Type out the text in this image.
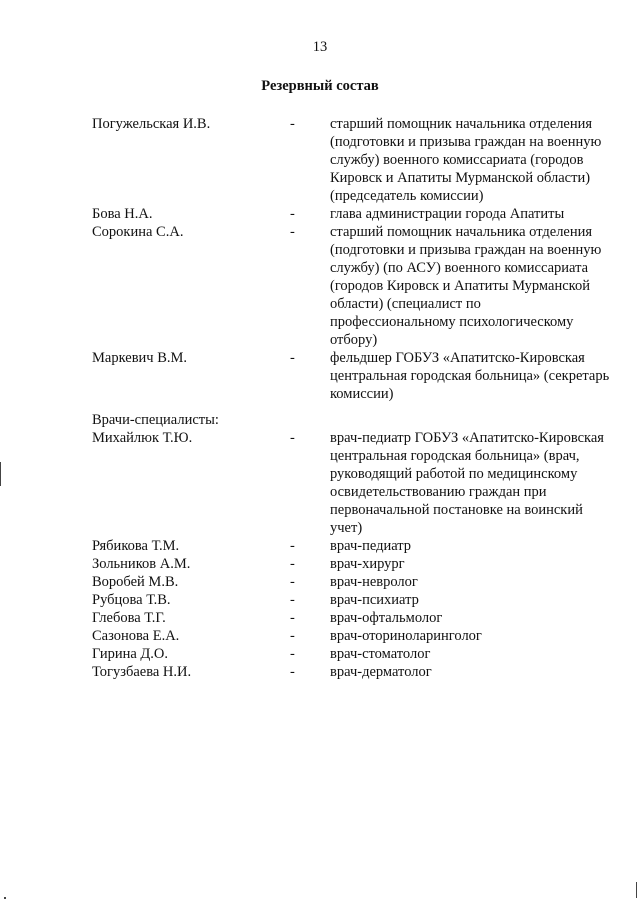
13
Резервный состав
Погужельская И.В.	-	старший помощник начальника отделения (подготовки и призыва граждан на военную службу) военного комиссариата (городов Кировск и Апатиты Мурманской области) (председатель комиссии)
Бова Н.А.	-	глава администрации города Апатиты
Сорокина С.А.	-	старший помощник начальника отделения (подготовки и призыва граждан на военную службу) (по АСУ) военного комиссариата (городов Кировск и Апатиты Мурманской области) (специалист по профессиональному психологическому отбору)
Маркевич В.М.	-	фельдшер ГОБУЗ «Апатитско-Кировская центральная городская больница» (секретарь комиссии)
Врачи-специалисты:
Михайлюк Т.Ю.	-	врач-педиатр ГОБУЗ «Апатитско-Кировская центральная городская больница» (врач, руководящий работой по медицинскому освидетельствованию граждан при первоначальной постановке на воинский учет)
Рябикова Т.М.	-	врач-педиатр
Зольников А.М.	-	врач-хирург
Воробей М.В.	-	врач-невролог
Рубцова Т.В.	-	врач-психиатр
Глебова Т.Г.	-	врач-офтальмолог
Сазонова Е.А.	-	врач-оториноларинголог
Гирина Д.О.	-	врач-стоматолог
Тогузбаева Н.И.	-	врач-дерматолог
